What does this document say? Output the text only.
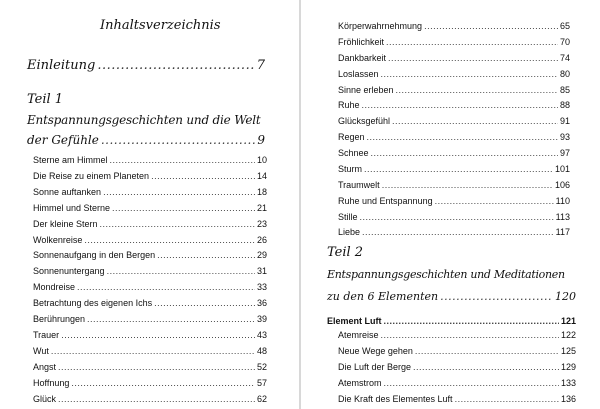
Inhaltsverzeichnis
Einleitung .....	7
Teil 1
Entspannungsgeschichten und die Welt
der Gefühle .....	9
Sterne am Himmel .....	10
Die Reise zu einem Planeten .....	14
Sonne auftanken .....	18
Himmel und Sterne .....	21
Der kleine Stern .....	23
Wolkenreise .....	26
Sonnenaufgang in den Bergen .....	29
Sonnenuntergang .....	31
Mondreise .....	33
Betrachtung des eigenen Ichs .....	36
Berührungen .....	39
Trauer .....	43
Wut .....	48
Angst .....	52
Hoffnung .....	57
Glück .....	62
Körperwahrnehmung .....	65
Fröhlichkeit .....	70
Dankbarkeit .....	74
Loslassen .....	80
Sinne erleben .....	85
Ruhe .....	88
Glücksgefühl .....	91
Regen .....	93
Schnee .....	97
Sturm .....	101
Traumwelt .....	106
Ruhe und Entspannung .....	110
Stille .....	113
Liebe .....	117
Teil 2
Entspannungsgeschichten und Meditationen
zu den 6 Elementen .....	120
Element Luft .....	121
Atemreise .....	122
Neue Wege gehen .....	125
Die Luft der Berge .....	129
Atemstrom .....	133
Die Kraft des Elementes Luft .....	136
